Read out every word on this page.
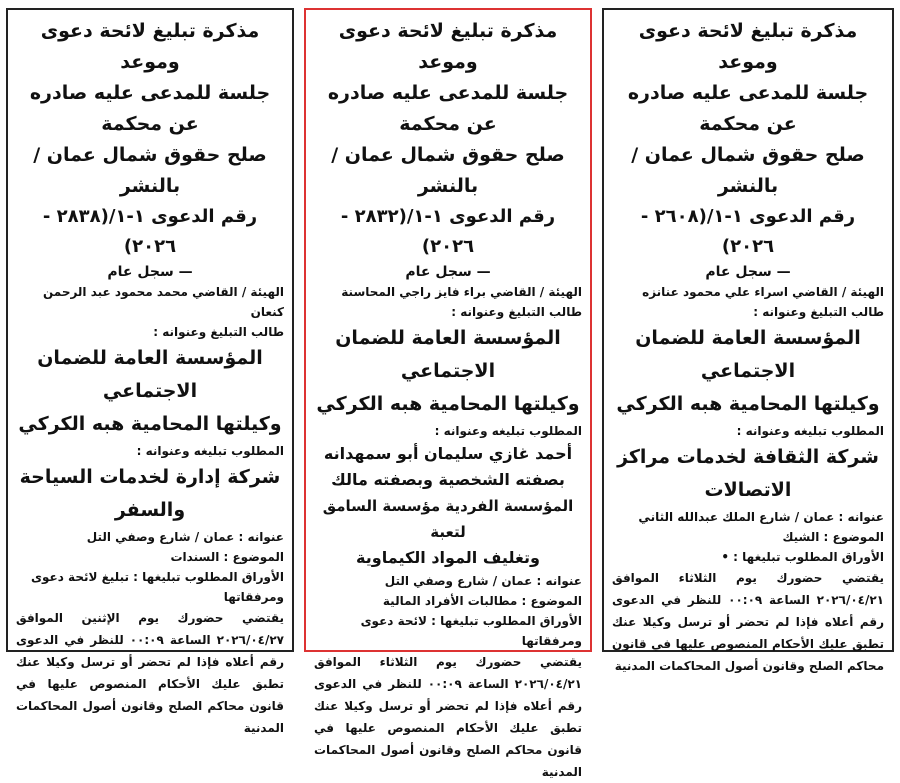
مذكرة تبليغ لائحة دعوى وموعد
جلسة للمدعى عليه صادره عن محكمة
صلح حقوق شمال عمان / بالنشر
رقم الدعوى ١-١/(٢٦٠٨ - ٢٠٢٦)
— سجل عام
الهيئة / القاضي اسراء علي محمود عنانزه
طالب التبليغ وعنوانه :
المؤسسة العامة للضمان الاجتماعي
وكيلتها المحامية هبه الكركي
المطلوب تبليغه وعنوانه :
شركة الثقافة لخدمات مراكز
الاتصالات
عنوانه : عمان / شارع الملك عبدالله الثاني
الموضوع : الشيك
الأوراق المطلوب تبليغها : •
يقتضي حضورك يوم الثلاثاء الموافق ٢٠٢٦/٠٤/٢١ الساعة ٠٠:٠٩ للنظر في الدعوى رقم أعلاه فإذا لم تحضر أو ترسل وكيلا عنك تطبق عليك الأحكام المنصوص عليها في قانون محاكم الصلح وقانون أصول المحاكمات المدنية
مذكرة تبليغ لائحة دعوى وموعد
جلسة للمدعى عليه صادره عن محكمة
صلح حقوق شمال عمان / بالنشر
رقم الدعوى ١-١/(٢٨٣٢ - ٢٠٢٦)
— سجل عام
الهيئة / القاضي براء فايز راجي المحاسنة
طالب التبليغ وعنوانه :
المؤسسة العامة للضمان الاجتماعي
وكيلتها المحامية هبه الكركي
المطلوب تبليغه وعنوانه :
أحمد غازي سليمان أبو سمهدانه
بصفته الشخصية وبصفته مالك
المؤسسة الفردية مؤسسة السامق لتعبة
وتغليف المواد الكيماوية
عنوانه : عمان / شارع وصفي التل
الموضوع : مطالبات الأفراد المالية
الأوراق المطلوب تبليغها : لائحة دعوى ومرفقاتها
يقتضي حضورك يوم الثلاثاء الموافق ٢٠٢٦/٠٤/٢١ الساعة ٠٠:٠٩ للنظر في الدعوى رقم أعلاه فإذا لم تحضر أو ترسل وكيلا عنك تطبق عليك الأحكام المنصوص عليها في قانون محاكم الصلح وقانون أصول المحاكمات المدنية
مذكرة تبليغ لائحة دعوى وموعد
جلسة للمدعى عليه صادره عن محكمة
صلح حقوق شمال عمان / بالنشر
رقم الدعوى ١-١/(٢٨٣٨ - ٢٠٢٦)
— سجل عام
الهيئة / القاضي محمد محمود عبد الرحمن كنعان
طالب التبليغ وعنوانه :
المؤسسة العامة للضمان الاجتماعي
وكيلتها المحامية هبه الكركي
المطلوب تبليغه وعنوانه :
شركة إدارة لخدمات السياحة
والسفر
عنوانه : عمان / شارع وصفي التل
الموضوع : السندات
الأوراق المطلوب تبليغها : تبليغ لائحة دعوى ومرفقاتها
يقتضي حضورك يوم الإثنين الموافق ٢٠٢٦/٠٤/٢٧ الساعة ٠٠:٠٩ للنظر في الدعوى رقم أعلاه فإذا لم تحضر أو ترسل وكيلا عنك تطبق عليك الأحكام المنصوص عليها في قانون محاكم الصلح وقانون أصول المحاكمات المدنية
